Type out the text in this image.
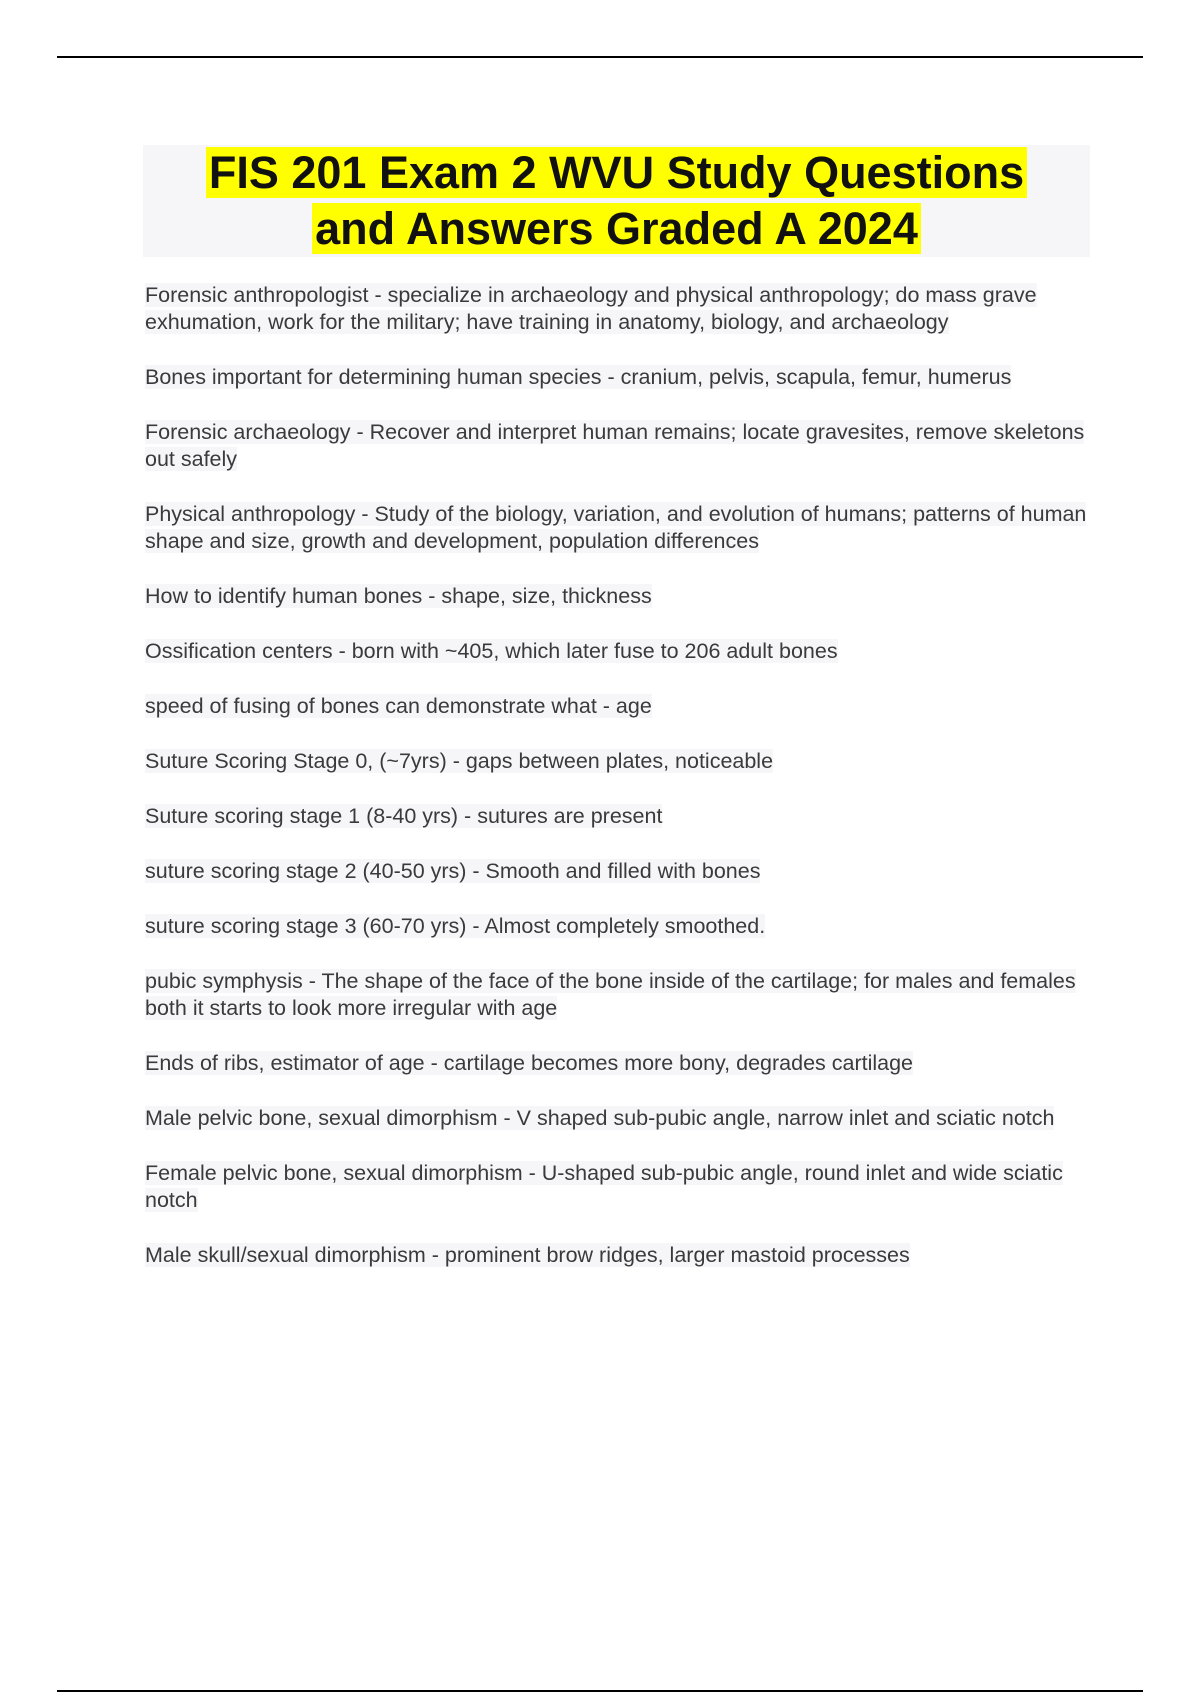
FIS 201 Exam 2 WVU Study Questions
and Answers Graded A 2024
Forensic anthropologist - specialize in archaeology and physical anthropology; do mass grave exhumation, work for the military; have training in anatomy, biology, and archaeology
Bones important for determining human species - cranium, pelvis, scapula, femur, humerus
Forensic archaeology - Recover and interpret human remains; locate gravesites, remove skeletons out safely
Physical anthropology - Study of the biology, variation, and evolution of humans; patterns of human shape and size, growth and development, population differences
How to identify human bones - shape, size, thickness
Ossification centers - born with ~405, which later fuse to 206 adult bones
speed of fusing of bones can demonstrate what - age
Suture Scoring Stage 0, (~7yrs) - gaps between plates, noticeable
Suture scoring stage 1 (8-40 yrs) - sutures are present
suture scoring stage 2 (40-50 yrs) - Smooth and filled with bones
suture scoring stage 3 (60-70 yrs) - Almost completely smoothed.
pubic symphysis - The shape of the face of the bone inside of the cartilage; for males and females both it starts to look more irregular with age
Ends of ribs, estimator of age - cartilage becomes more bony, degrades cartilage
Male pelvic bone, sexual dimorphism - V shaped sub-pubic angle, narrow inlet and sciatic notch
Female pelvic bone, sexual dimorphism - U-shaped sub-pubic angle, round inlet and wide sciatic notch
Male skull/sexual dimorphism - prominent brow ridges, larger mastoid processes
